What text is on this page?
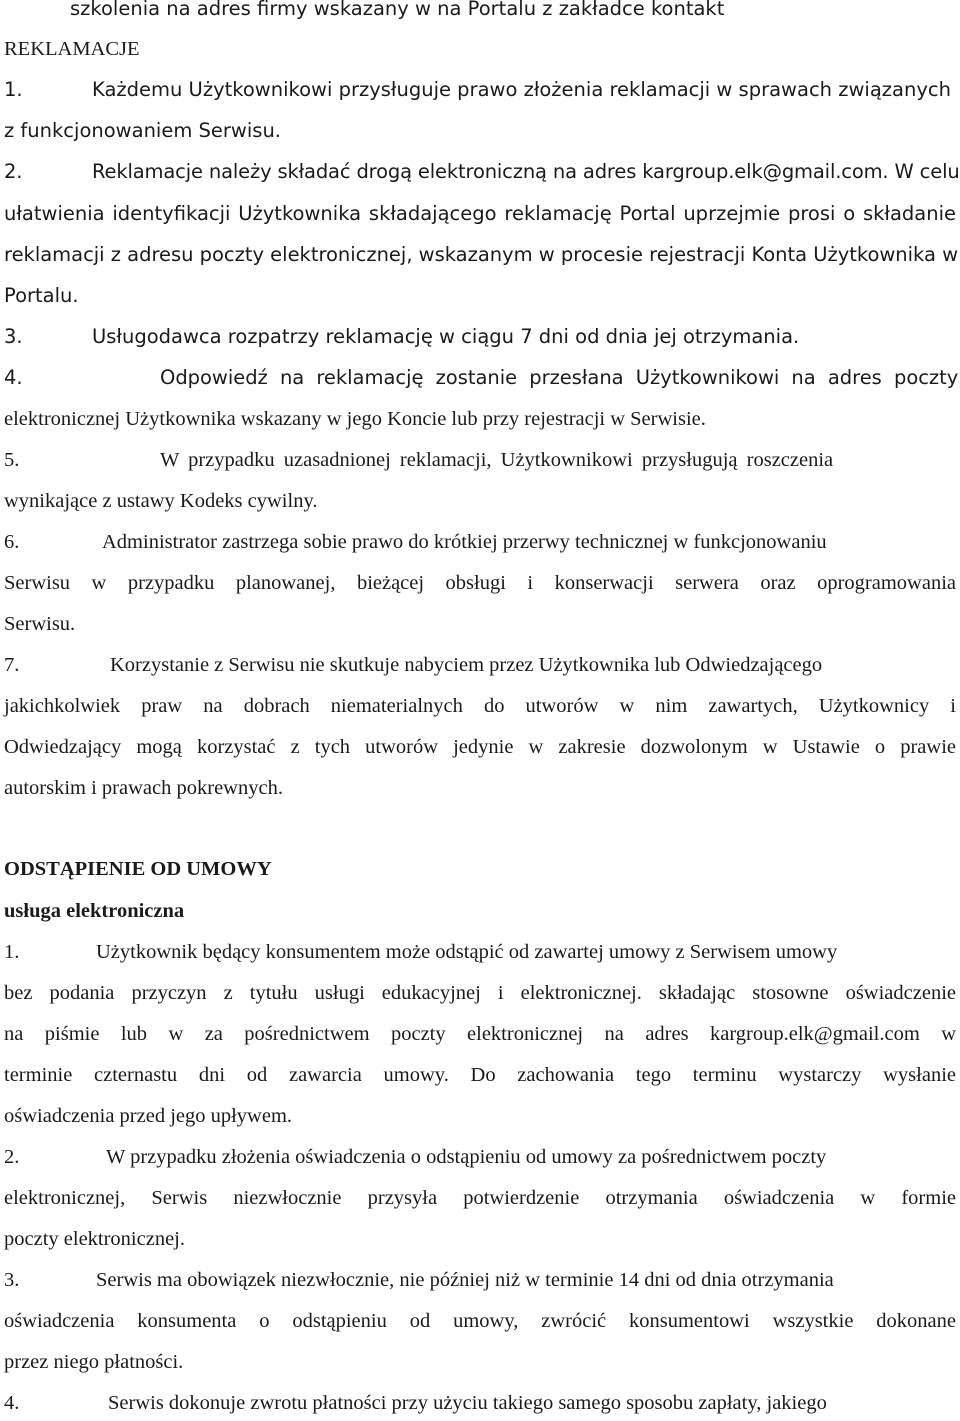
szkolenia na adres firmy wskazany w na Portalu z zakładce kontakt
REKLAMACJE
1.	Każdemu Użytkownikowi przysługuje prawo złożenia reklamacji w sprawach związanych
z funkcjonowaniem Serwisu.
2.	Reklamacje należy składać drogą elektroniczną na adres kargroup.elk@gmail.com. W celu
ułatwienia identyfikacji Użytkownika składającego reklamację Portal uprzejmie prosi o składanie
reklamacji z adresu poczty elektronicznej, wskazanym w procesie rejestracji Konta Użytkownika w
Portalu.
3.	Usługodawca rozpatrzy reklamację w ciągu 7 dni od dnia jej otrzymania.
4.	Odpowiedź na reklamację zostanie przesłana Użytkownikowi na adres poczty
elektronicznej Użytkownika wskazany w jego Koncie lub przy rejestracji w Serwisie.
5.	W przypadku uzasadnionej reklamacji, Użytkownikowi przysługują roszczenia
wynikające z ustawy Kodeks cywilny.
6.	Administrator zastrzega sobie prawo do krótkiej przerwy technicznej w funkcjonowaniu
Serwisu w przypadku planowanej, bieżącej obsługi i konserwacji serwera oraz oprogramowania
Serwisu.
7.	Korzystanie z Serwisu nie skutkuje nabyciem przez Użytkownika lub Odwiedzającego
jakichkolwiek praw na dobrach niematerialnych do utworów w nim zawartych, Użytkownicy i
Odwiedzający mogą korzystać z tych utworów jedynie w zakresie dozwolonym w Ustawie o prawie
autorskim i prawach pokrewnych.
ODSTĄPIENIE OD UMOWY
usługa elektroniczna
1.	Użytkownik będący konsumentem może odstąpić od zawartej umowy z Serwisem umowy
bez podania przyczyn z tytułu usługi edukacyjnej i elektronicznej. składając stosowne oświadczenie
na piśmie lub w za pośrednictwem poczty elektronicznej na adres kargroup.elk@gmail.com w
terminie czternastu dni od zawarcia umowy. Do zachowania tego terminu wystarczy wysłanie
oświadczenia przed jego upływem.
2.	W przypadku złożenia oświadczenia o odstąpieniu od umowy za pośrednictwem poczty
elektronicznej, Serwis niezwłocznie przysyła potwierdzenie otrzymania oświadczenia w formie
poczty elektronicznej.
3.	Serwis ma obowiązek niezwłocznie, nie później niż w terminie 14 dni od dnia otrzymania
oświadczenia konsumenta o odstąpieniu od umowy, zwrócić konsumentowi wszystkie dokonane
przez niego płatności.
4.	Serwis dokonuje zwrotu płatności przy użyciu takiego samego sposobu zapłaty, jakiego
